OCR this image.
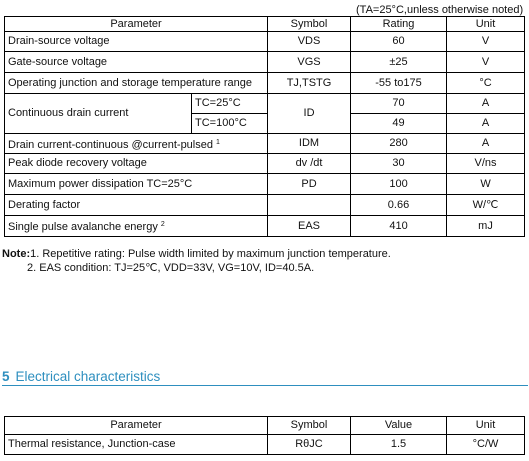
(TA=25°C,unless otherwise noted)
Parameter		Symbol	Rating	Unit
Drain-source voltage		VDS	60	V
Gate-source voltage		VGS	±25	V
Operating junction and storage temperature range		TJ,TSTG	-55 to175	°C
Continuous drain current	TC=25°C	ID	70	A
	TC=100°C		49	A
Drain current-continuous @current-pulsed $^1$		IDM	280	A
Peak diode recovery voltage		dv /dt	30	V/ns
Maximum power dissipation TC=25°C		PD	100	W
Derating factor			0.66	W/℃
Single pulse avalanche energy $^2$		EAS	410	mJ
Note:1. Repetitive rating: Pulse width limited by maximum junction temperature.
2. EAS condition: TJ=25℃, VDD=33V, VG=10V, ID=40.5A.
5 Electrical characteristics
Parameter	Symbol	Value	Unit
Thermal resistance, Junction-case	RθJC	1.5	°C/W
